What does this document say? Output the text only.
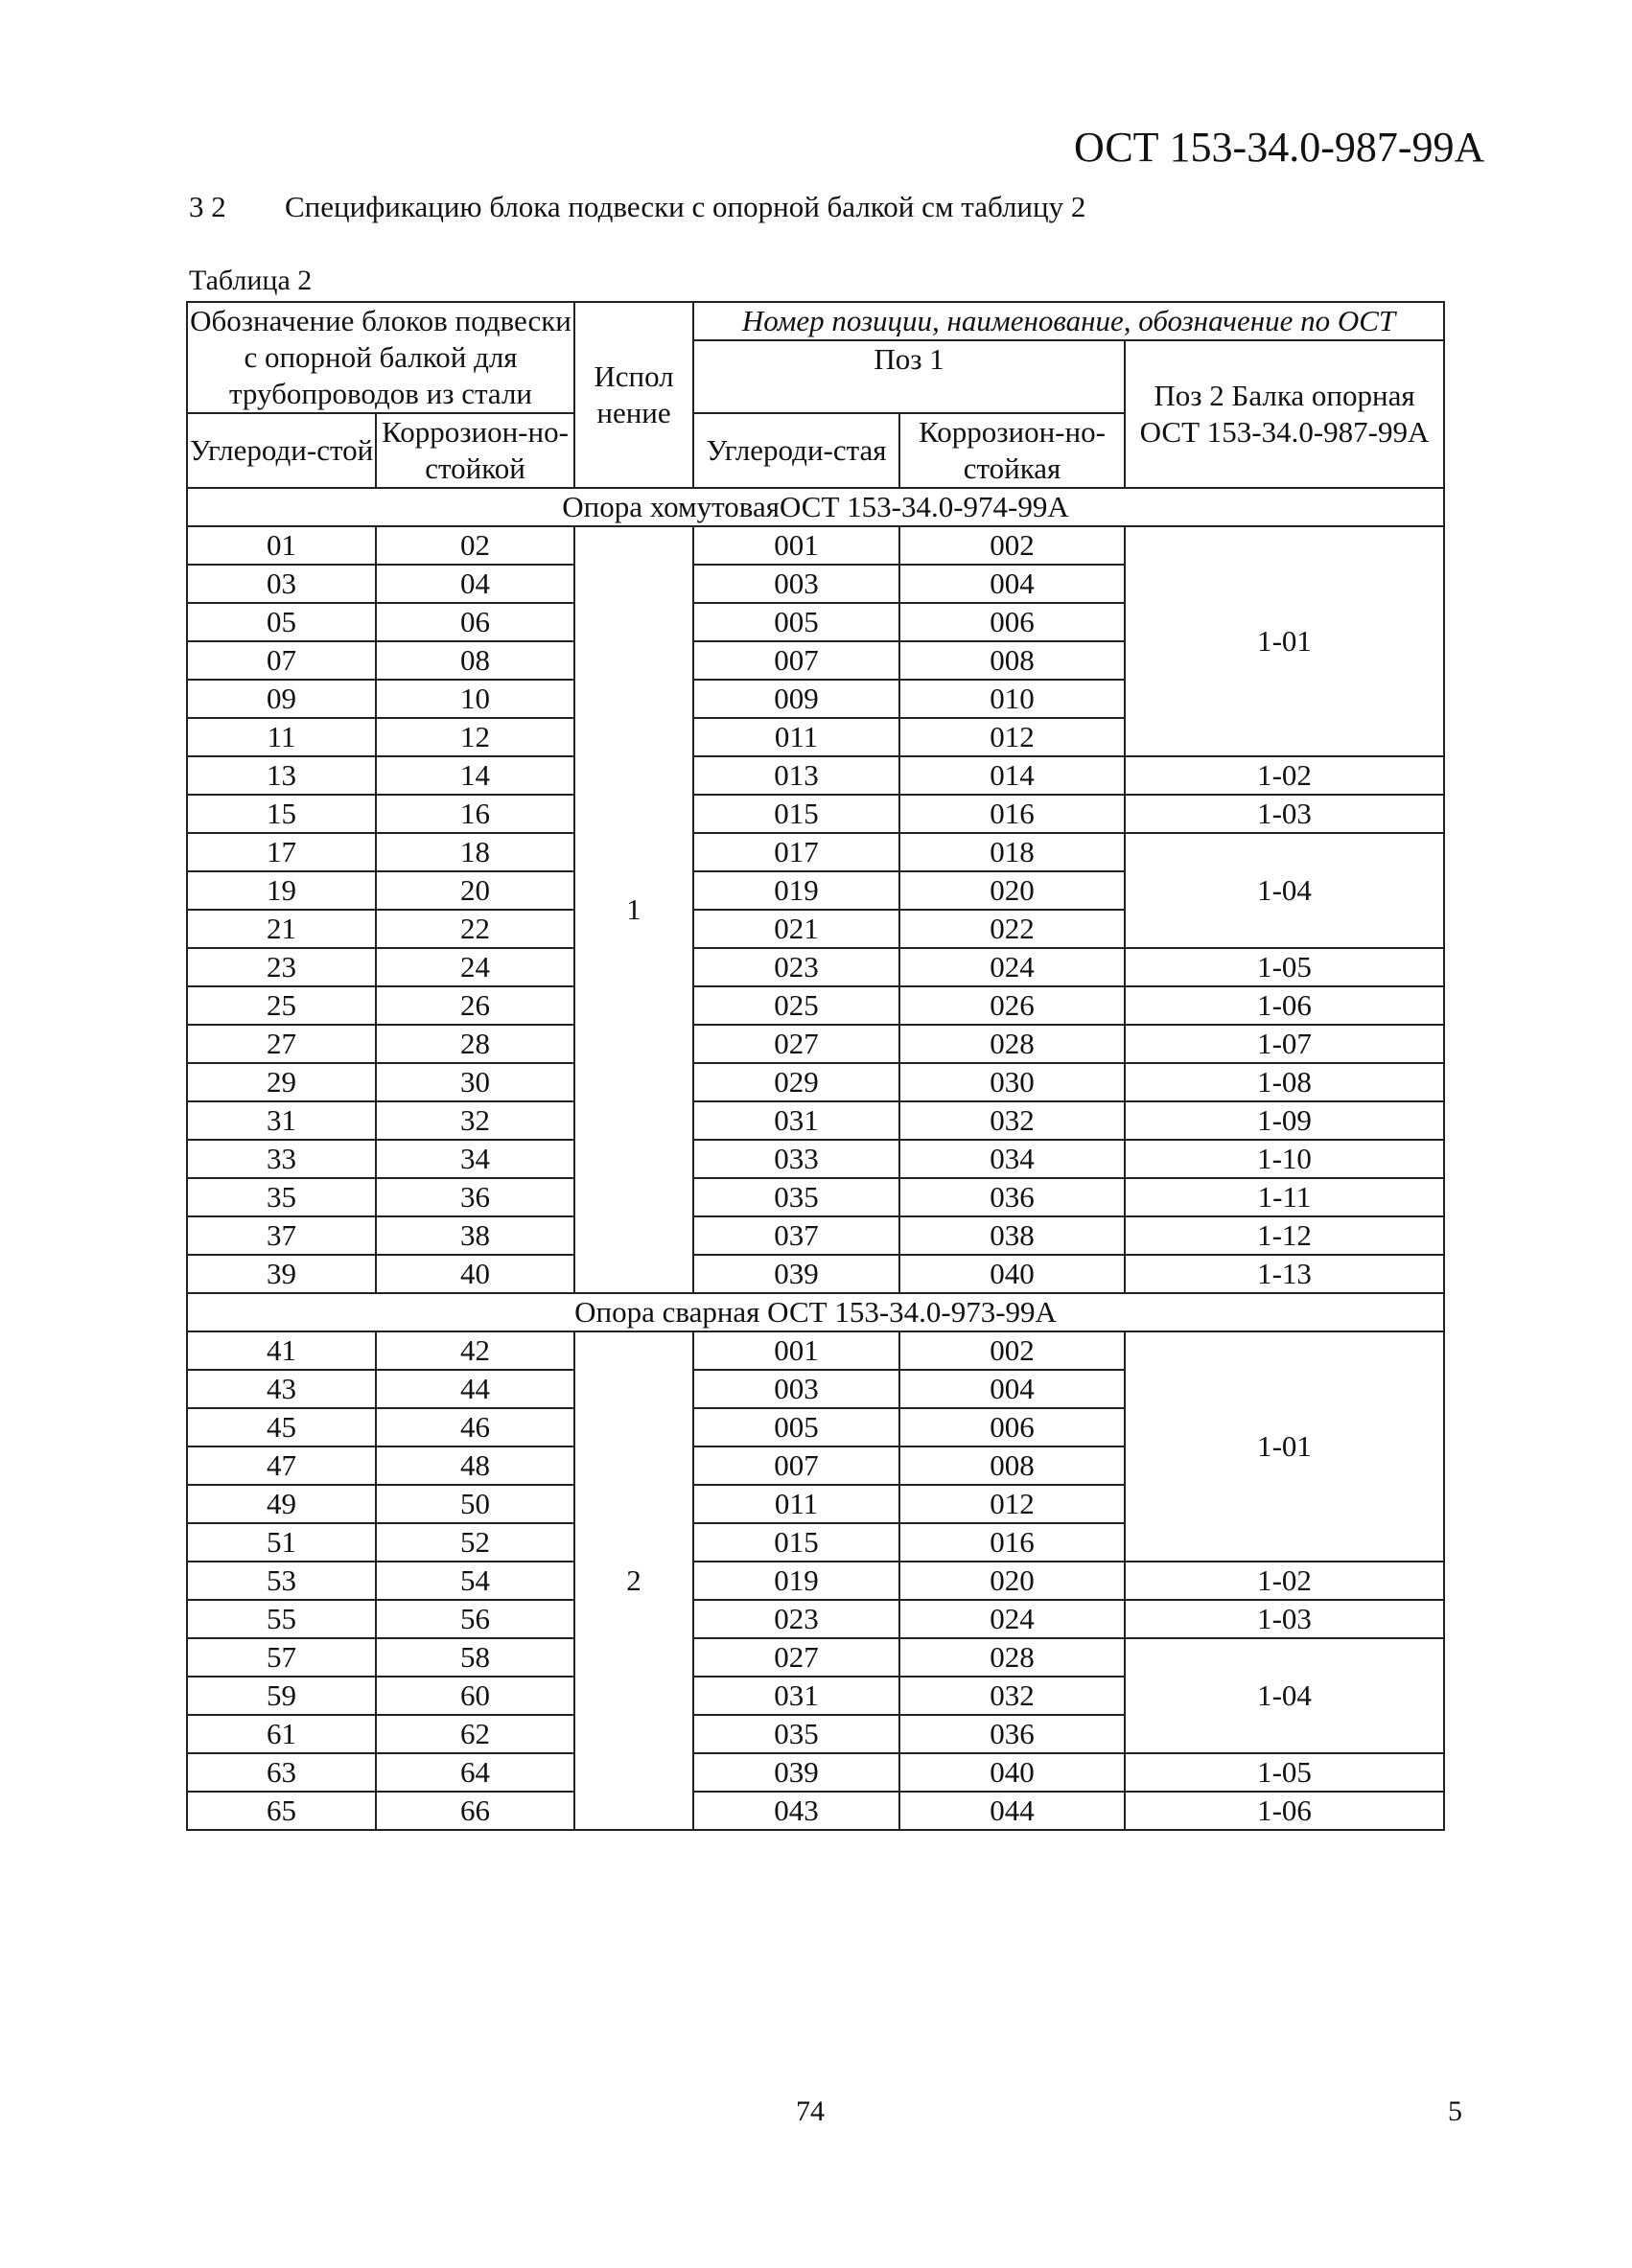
ОСТ 153-34.0-987-99А
3 2 Спецификацию блока подвески с опорной балкой см таблицу 2
Таблица 2
Обозначение блоков подвески с опорной балкой для трубопроводов из стали		Испол нение	Номер позиции, наименование, обозначение по ОСТ		
			Поз 1		Поз 2 Балка опорная ОСТ 153-34.0-987-99А
Углероди-стой	Коррозион-но-стойкой		Углероди-стая	Коррозион-но-стойкая	
Опора хомутоваяОСТ 153-34.0-974-99А					
01	02	1	001	002	1-01
03	04		003	004	
05	06		005	006	
07	08		007	008	
09	10		009	010	
11	12		011	012	
13	14		013	014	1-02
15	16		015	016	1-03
17	18		017	018	1-04
19	20		019	020	
21	22		021	022	
23	24		023	024	1-05
25	26		025	026	1-06
27	28		027	028	1-07
29	30		029	030	1-08
31	32		031	032	1-09
33	34		033	034	1-10
35	36		035	036	1-11
37	38		037	038	1-12
39	40		039	040	1-13
Опора сварная ОСТ 153-34.0-973-99А					
41	42	2	001	002	1-01
43	44		003	004	
45	46		005	006	
47	48		007	008	
49	50		011	012	
51	52		015	016	
53	54		019	020	1-02
55	56		023	024	1-03
57	58		027	028	1-04
59	60		031	032	
61	62		035	036	
63	64		039	040	1-05
65	66		043	044	1-06
74	5
